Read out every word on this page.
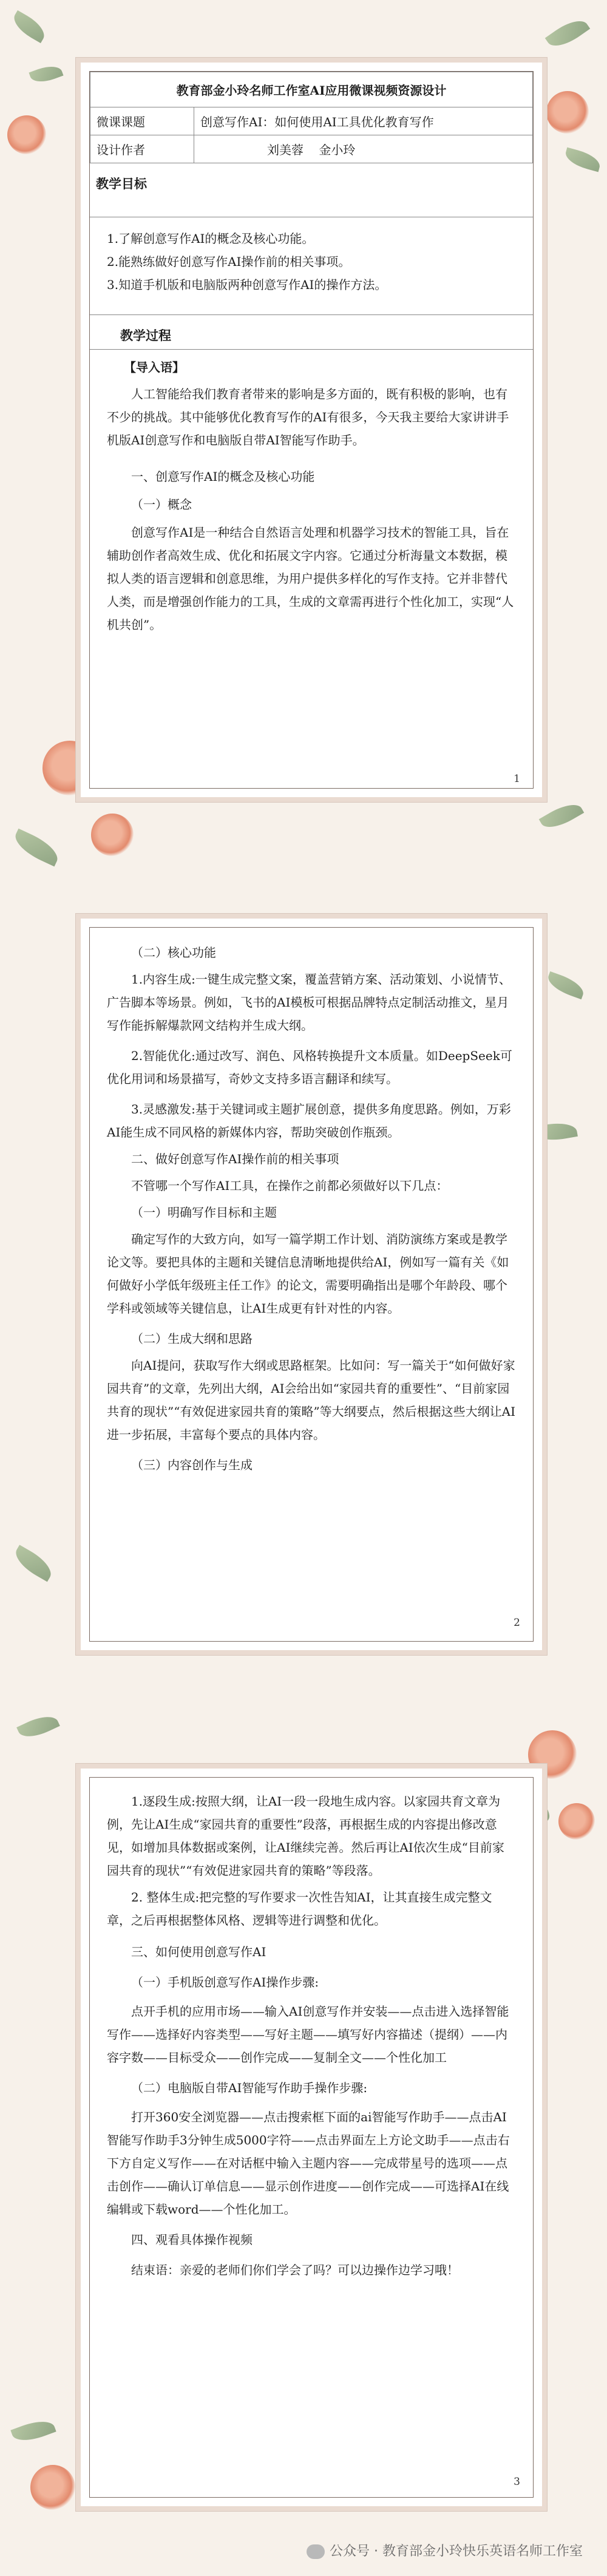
教育部金小玲名师工作室AI应用微课视频资源设计	
微课课题	创意写作AI：如何使用AI工具优化教育写作
设计作者	刘美蓉    金小玲
教学目标

1.了解创意写作AI的概念及核心功能。

2.能熟练做好创意写作AI操作前的相关事项。

3.知道手机版和电脑版两种创意写作AI的操作方法。

教学过程

【导入语】

人工智能给我们教育者带来的影响是多方面的，既有积极的影响，也有不少的挑战。其中能够优化教育写作的AI有很多，今天我主要给大家讲讲手机版AI创意写作和电脑版自带AI智能写作助手。

一、创意写作AI的概念及核心功能

（一）概念

创意写作AI是一种结合自然语言处理和机器学习技术的智能工具，旨在辅助创作者高效生成、优化和拓展文字内容。它通过分析海量文本数据，模拟人类的语言逻辑和创意思维，为用户提供多样化的写作支持。它并非替代人类，而是增强创作能力的工具，生成的文章需再进行个性化加工，实现“人机共创”。

1

（二）核心功能

1.内容生成:一键生成完整文案，覆盖营销方案、活动策划、小说情节、广告脚本等场景。例如，飞书的AI模板可根据品牌特点定制活动推文，星月写作能拆解爆款网文结构并生成大纲。

2.智能优化:通过改写、润色、风格转换提升文本质量。如DeepSeek可优化用词和场景描写，奇妙文支持多语言翻译和续写。

3.灵感激发:基于关键词或主题扩展创意，提供多角度思路。例如，万彩AI能生成不同风格的新媒体内容，帮助突破创作瓶颈。

二、做好创意写作AI操作前的相关事项

不管哪一个写作AI工具，在操作之前都必须做好以下几点：

（一）明确写作目标和主题

确定写作的大致方向，如写一篇学期工作计划、消防演练方案或是教学论文等。要把具体的主题和关键信息清晰地提供给AI，例如写一篇有关《如何做好小学低年级班主任工作》的论文，需要明确指出是哪个年龄段、哪个学科或领域等关键信息，让AI生成更有针对性的内容。

（二）生成大纲和思路

向AI提问，获取写作大纲或思路框架。比如问：写一篇关于“如何做好家园共育”的文章，先列出大纲，AI会给出如“家园共育的重要性”、“目前家园共育的现状”“有效促进家园共育的策略”等大纲要点，然后根据这些大纲让AI进一步拓展，丰富每个要点的具体内容。

（三）内容创作与生成

2

1.逐段生成:按照大纲，让AI一段一段地生成内容。以家园共育文章为例，先让AI生成“家园共育的重要性”段落，再根据生成的内容提出修改意见，如增加具体数据或案例，让AI继续完善。然后再让AI依次生成“目前家园共育的现状”“有效促进家园共育的策略”等段落。

2. 整体生成:把完整的写作要求一次性告知AI，让其直接生成完整文章，之后再根据整体风格、逻辑等进行调整和优化。

三、如何使用创意写作AI

（一）手机版创意写作AI操作步骤:

点开手机的应用市场——输入AI创意写作并安装——点击进入选择智能写作——选择好内容类型——写好主题——填写好内容描述（提纲）——内容字数——目标受众——创作完成——复制全文——个性化加工

（二）电脑版自带AI智能写作助手操作步骤:

打开360安全浏览器——点击搜索框下面的ai智能写作助手——点击AI智能写作助手3分钟生成5000字符——点击界面左上方论文助手——点击右下方自定义写作——在对话框中输入主题内容——完成带星号的选项——点击创作——确认订单信息——显示创作进度——创作完成——可选择AI在线编辑或下载word——个性化加工。

四、观看具体操作视频

结束语：亲爱的老师们你们学会了吗？可以边操作边学习哦！

3
公众号 · 教育部金小玲快乐英语名师工作室
